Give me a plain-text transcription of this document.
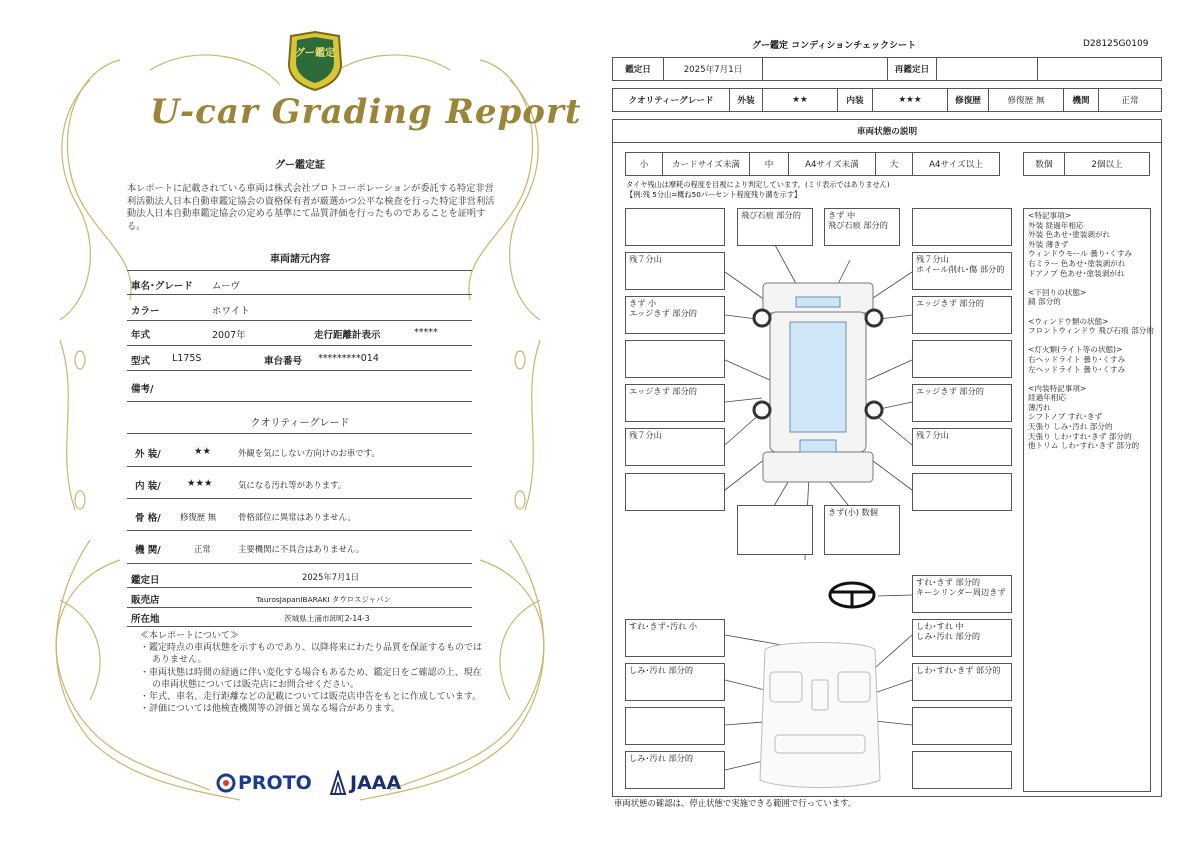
グー鑑定
U-car Grading Report
グー鑑定証
本レポートに記載されている車両は株式会社プロトコーポレーションが委託する特定非営利活動法人日本自動車鑑定協会の資格保有者が厳選かつ公平な検査を行った特定非営利活動法人日本自動車鑑定協会の定める基準にて品質評価を行ったものであることを証明する。
車両諸元内容
車名･グレード ムーヴ
カラー	ホワイト
年式	2007年	走行距離計表示	*****
型式 L175S	車台番号 *********014
備考/
クオリティーグレード
外 装/	★★	外観を気にしない方向けのお車です。
内 装/	★★★	気になる汚れ等があります。
骨 格/ 修復歴 無	骨格部位に異常はありません。
機 関/	正常	主要機関に不具合はありません。
鑑定日	2025年7月1日
販売店	TaurosJapanIBARAKI タウロスジャパン
所在地	茨城県土浦市卸町2-14-3
≪本レポートについて≫
・鑑定時点の車両状態を示すものであり、以降将来にわたり品質を保証するものではありません。
・車両状態は時間の経過に伴い変化する場合もあるため、鑑定日をご確認の上、現在の車両状態については販売店にお問合せください。
・年式、車名、走行距離などの記載については販売店申告をもとに作成しています。
・評価については他検査機関等の評価と異なる場合があります。
PROTO JAAA
グー鑑定 コンディションチェックシート	D28125G0109
鑑定日	2025年7月1日	再鑑定日
クオリティーグレード	外装	★★	内装	★★★	修復歴	修復歴 無	機関	正常
車両状態の説明
小	カードサイズ未満	中	A4サイズ未満	大	A4サイズ以上	数個	2個以上
タイヤ残山は摩耗の程度を目視により判定しています。(ミリ表示ではありません)
【例:残 5分山=概ね50パーセント程度残り溝を示す】
飛び石痕 部分的	きず 中
飛び石痕 部分的
残７分山	残７分山
ホイール削れ･傷 部分的
きず 小
エッジきず 部分的
エッジきず 部分的
エッジきず 部分的	エッジきず 部分的
残７分山	残７分山
きず(小) 数個
すれ･きず 部分的
キーシリンダー周辺きず
すれ･きず･汚れ 小	しわ･すれ 中
しみ･汚れ 部分的
しみ･汚れ 部分的	しわ･すれ･きず 部分的
しみ･汚れ 部分的
<特記事項>
外装 経過年相応
外装 色あせ･塗装剥がれ
外装 薄きず
ウィンドウモール 曇り･くすみ
右ミラー 色あせ･塗装剥がれ
ドアノブ 色あせ･塗装剥がれ

<下回りの状態>
錆 部分的

<ウィンドウ類の状態>
フロントウィンドウ 飛び石痕 部分的

<灯火類(ライト等の状態)>
右ヘッドライト 曇り･くすみ
左ヘッドライト 曇り･くすみ

<内装特記事項>
経過年相応
薄汚れ
シフトノブ すれ･きず
天張り しみ･汚れ 部分的
天張り しわ･すれ･きず 部分的
他トリム しわ･すれ･きず 部分的
車両状態の確認は、停止状態で実施できる範囲で行っています。
